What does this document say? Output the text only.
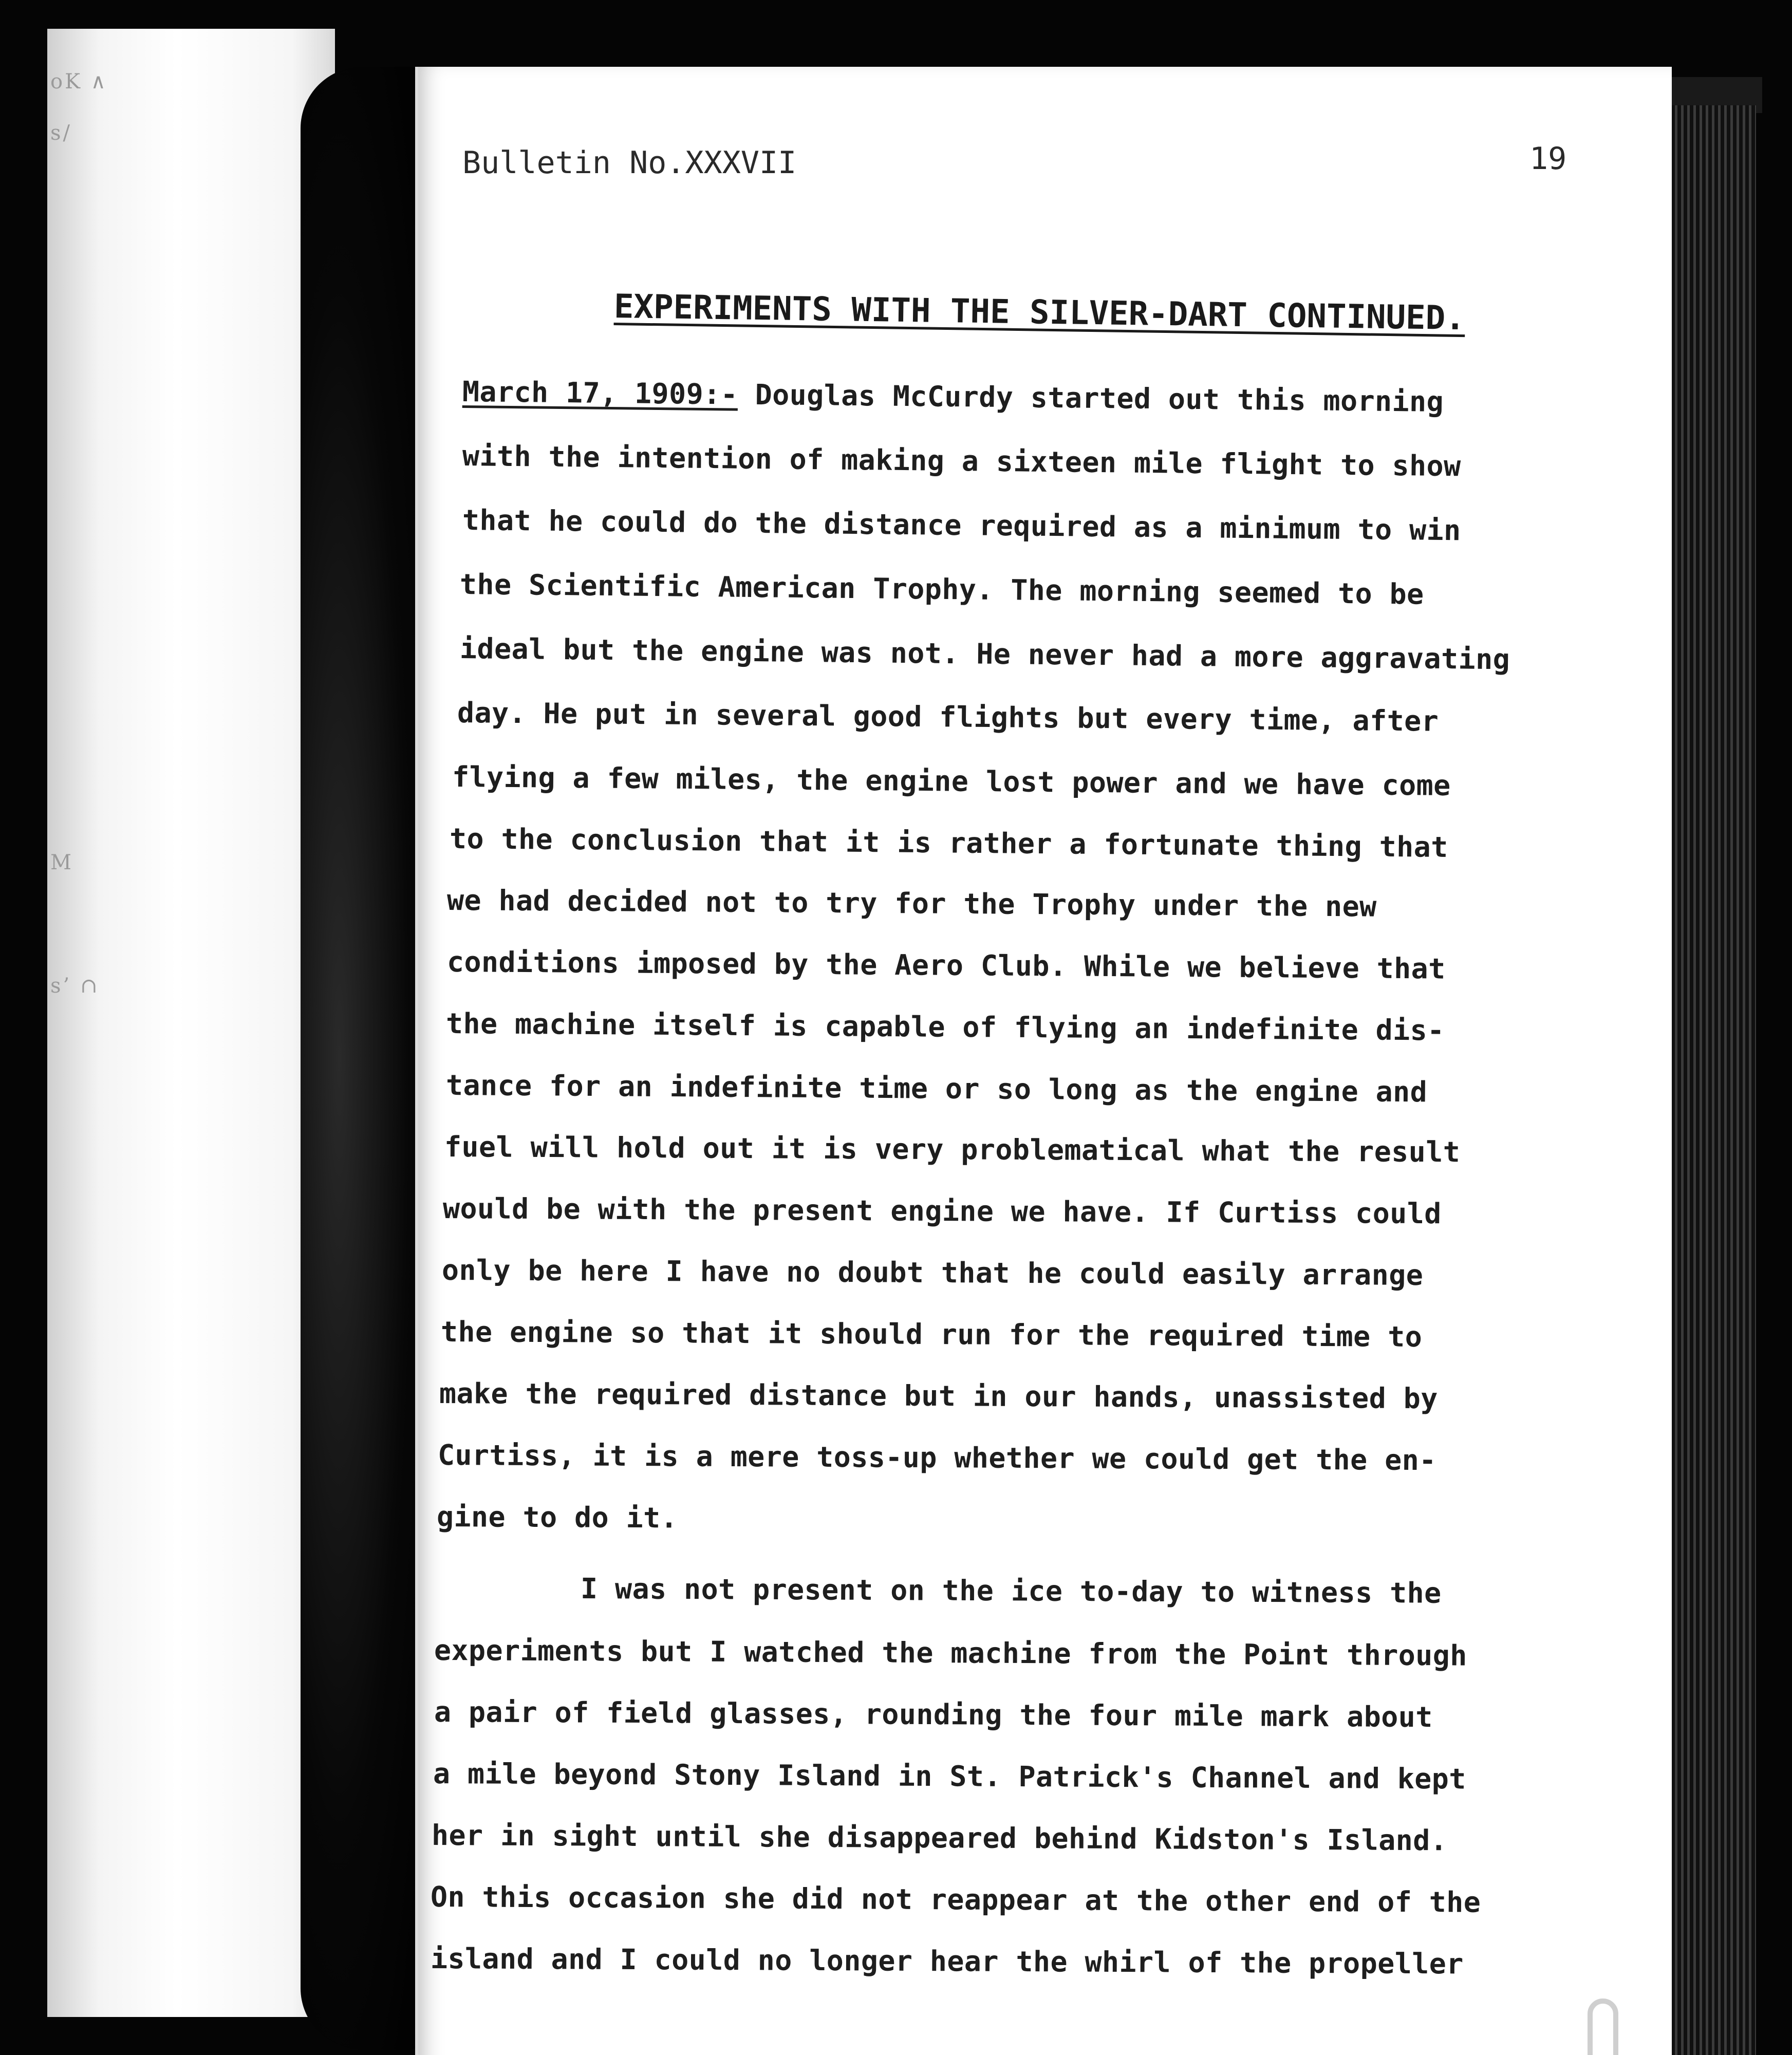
oK ∧
s/
M
s’ ∩
Bulletin No.XXXVII	19
EXPERIMENTS WITH THE SILVER-DART CONTINUED.
March 17, 1909:- Douglas McCurdy started out this morning
with the intention of making a sixteen mile flight to show
that he could do the distance required as a minimum to win
the Scientific American Trophy. The morning seemed to be
ideal but the engine was not. He never had a more aggravating
day. He put in several good flights but every time, after
flying a few miles, the engine lost power and we have come
to the conclusion that it is rather a fortunate thing that
we had decided not to try for the Trophy under the new
conditions imposed by the Aero Club. While we believe that
the machine itself is capable of flying an indefinite dis-
tance for an indefinite time or so long as the engine and
fuel will hold out it is very problematical what the result
would be with the present engine we have. If Curtiss could
only be here I have no doubt that he could easily arrange
the engine so that it should run for the required time to
make the required distance but in our hands, unassisted by
Curtiss, it is a mere toss-up whether we could get the en-
gine to do it.
I was not present on the ice to-day to witness the
experiments but I watched the machine from the Point through
a pair of field glasses, rounding the four mile mark about
a mile beyond Stony Island in St. Patrick's Channel and kept
her in sight until she disappeared behind Kidston's Island.
On this occasion she did not reappear at the other end of the
island and I could no longer hear the whirl of the propeller
